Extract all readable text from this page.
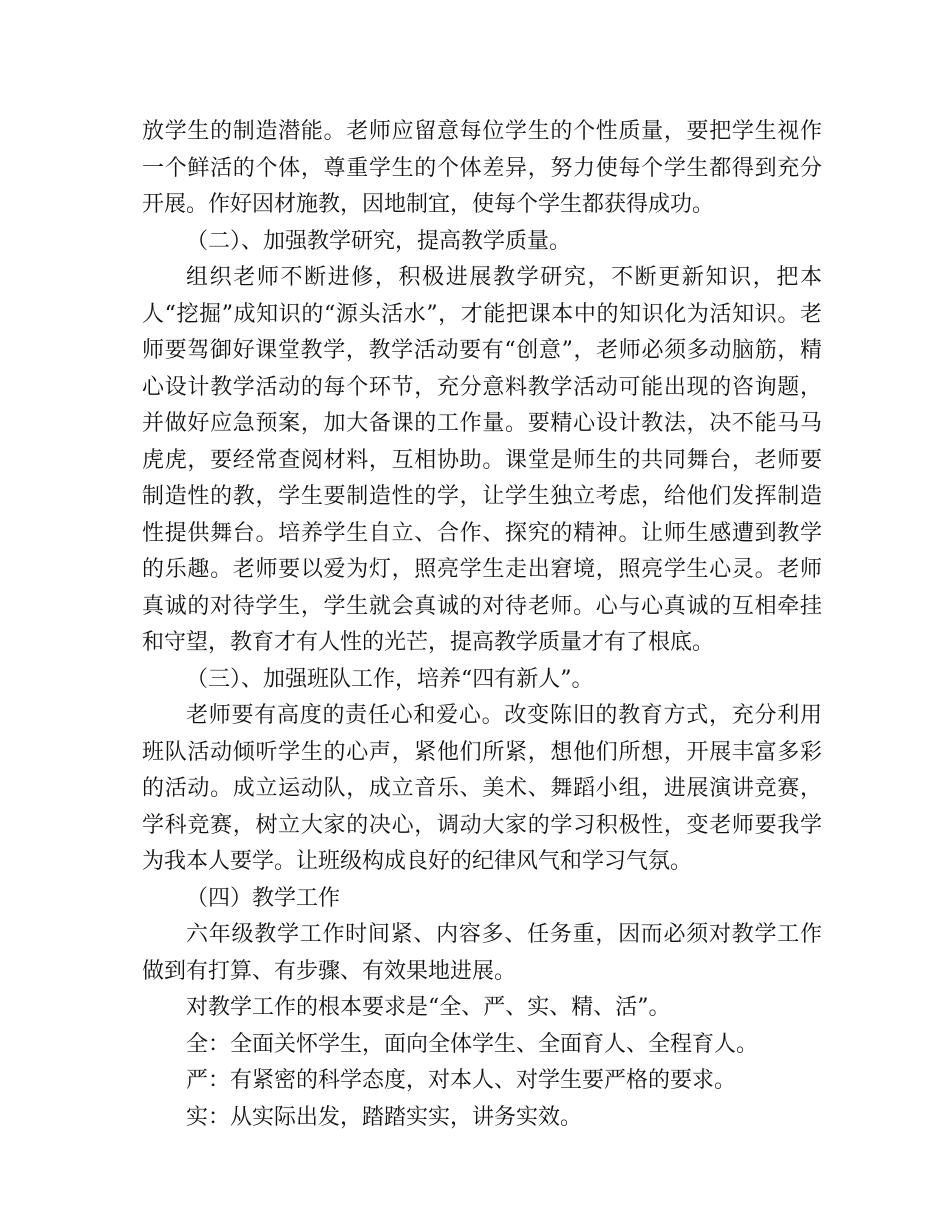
放学生的制造潜能。老师应留意每位学生的个性质量，要把学生视作一个鲜活的个体，尊重学生的个体差异，努力使每个学生都得到充分开展。作好因材施教，因地制宜，使每个学生都获得成功。

（二）、加强教学研究，提高教学质量。

组织老师不断进修，积极进展教学研究，不断更新知识，把本人“挖掘”成知识的“源头活水”，才能把课本中的知识化为活知识。老师要驾御好课堂教学，教学活动要有“创意”，老师必须多动脑筋，精心设计教学活动的每个环节，充分意料教学活动可能出现的咨询题，并做好应急预案，加大备课的工作量。要精心设计教法，决不能马马虎虎，要经常查阅材料，互相协助。课堂是师生的共同舞台，老师要制造性的教，学生要制造性的学，让学生独立考虑，给他们发挥制造性提供舞台。培养学生自立、合作、探究的精神。让师生感遭到教学的乐趣。老师要以爱为灯，照亮学生走出窘境，照亮学生心灵。老师真诚的对待学生，学生就会真诚的对待老师。心与心真诚的互相牵挂和守望，教育才有人性的光芒，提高教学质量才有了根底。

（三）、加强班队工作，培养“四有新人”。

老师要有高度的责任心和爱心。改变陈旧的教育方式，充分利用班队活动倾听学生的心声，紧他们所紧，想他们所想，开展丰富多彩的活动。成立运动队，成立音乐、美术、舞蹈小组，进展演讲竞赛，学科竞赛，树立大家的决心，调动大家的学习积极性，变老师要我学为我本人要学。让班级构成良好的纪律风气和学习气氛。

（四）教学工作

六年级教学工作时间紧、内容多、任务重，因而必须对教学工作做到有打算、有步骤、有效果地进展。

对教学工作的根本要求是“全、严、实、精、活”。

全：全面关怀学生，面向全体学生、全面育人、全程育人。

严：有紧密的科学态度，对本人、对学生要严格的要求。

实：从实际出发，踏踏实实，讲务实效。
